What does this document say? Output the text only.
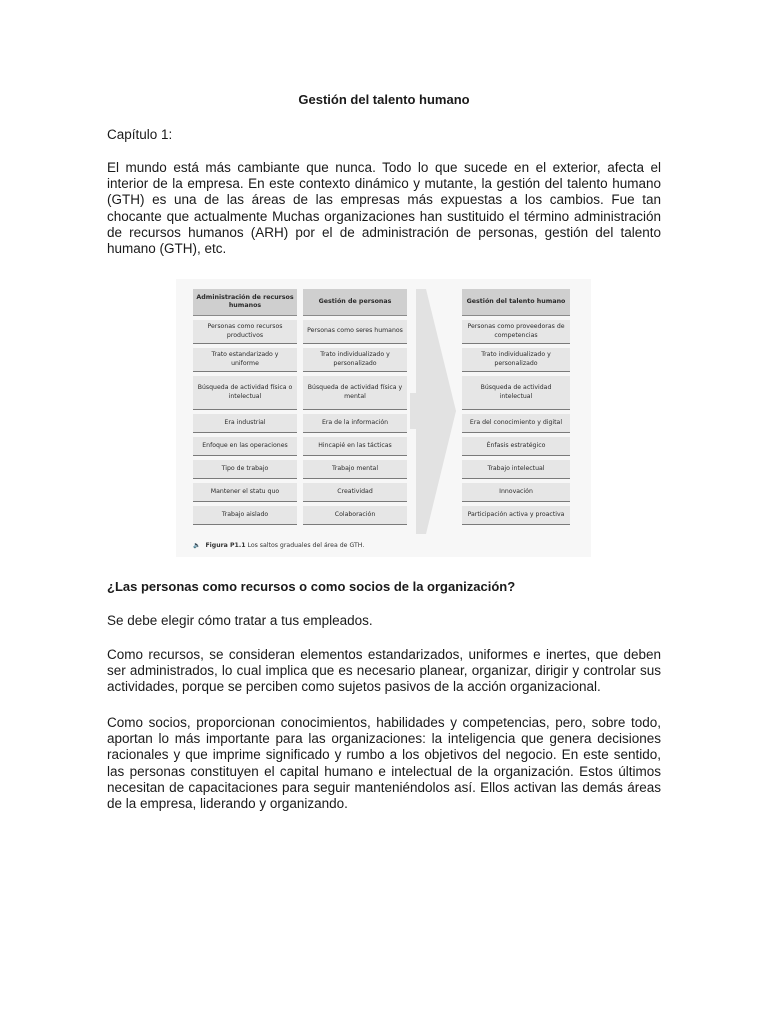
Gestión del talento humano

Capítulo 1:

El mundo está más cambiante que nunca. Todo lo que sucede en el exterior, afecta el interior de la empresa. En este contexto dinámico y mutante, la gestión del talento humano (GTH) es una de las áreas de las empresas más expuestas a los cambios. Fue tan chocante que actualmente Muchas organizaciones han sustituido el término administración de recursos humanos (ARH) por el de administración de personas, gestión del talento humano (GTH), etc.

¿Las personas como recursos o como socios de la organización?

Se debe elegir cómo tratar a tus empleados.

Como recursos, se consideran elementos estandarizados, uniformes e inertes, que deben ser administrados, lo cual implica que es necesario planear, organizar, dirigir y controlar sus actividades, porque se perciben como sujetos pasivos de la acción organizacional.

Como socios, proporcionan conocimientos, habilidades y competencias, pero, sobre todo, aportan lo más importante para las organizaciones: la inteligencia que genera decisiones racionales y que imprime significado y rumbo a los objetivos del negocio. En este sentido, las personas constituyen el capital humano e intelectual de la organización. Estos últimos necesitan de capacitaciones para seguir manteniéndolos así. Ellos activan las demás áreas de la empresa, liderando y organizando.

Administración de recursos humanos
Personas como recursos productivos
Trato estandarizado y uniforme
Búsqueda de actividad física o intelectual
Era industrial
Enfoque en las operaciones
Tipo de trabajo
Mantener el statu quo
Trabajo aislado
Gestión de personas
Personas como seres humanos
Trato individualizado y personalizado
Búsqueda de actividad física y mental
Era de la información
Hincapié en las tácticas
Trabajo mental
Creatividad
Colaboración
Gestión del talento humano
Personas como proveedoras de competencias
Trato individualizado y personalizado
Búsqueda de actividad intelectual
Era del conocimiento y digital
Énfasis estratégico
Trabajo intelectual
Innovación
Participación activa y proactiva
🔈 Figura P1.1 Los saltos graduales del área de GTH.
